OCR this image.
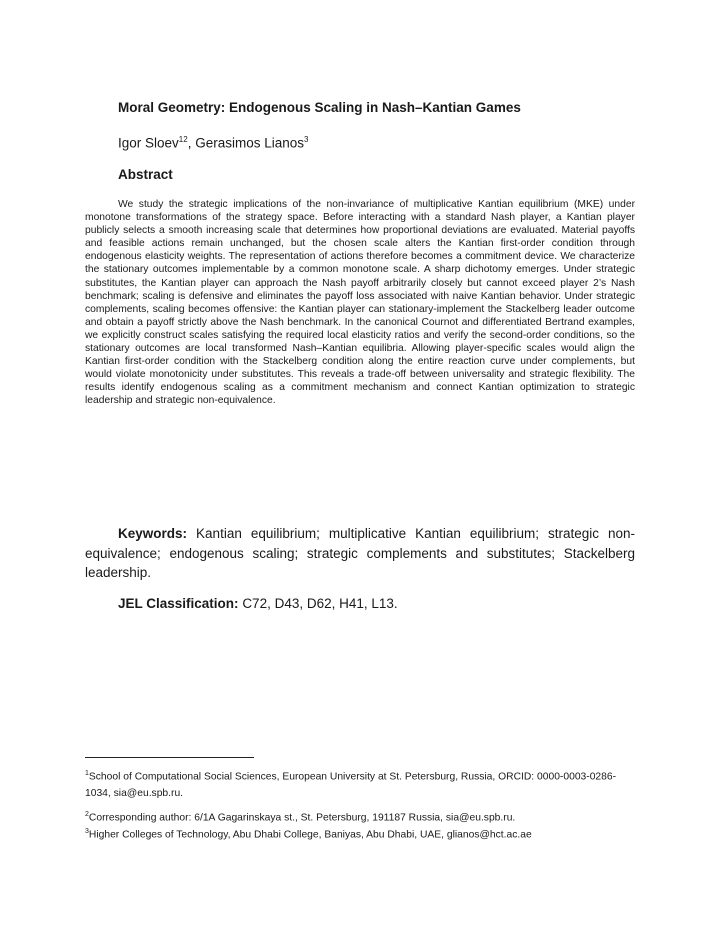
Moral Geometry: Endogenous Scaling in Nash–Kantian Games
Igor Sloev$^{12}$, Gerasimos Lianos$^3$
Abstract

We study the strategic implications of the non-invariance of multiplicative Kantian equilibrium (MKE) under monotone transformations of the strategy space. Before interacting with a standard Nash player, a Kantian player publicly selects a smooth increasing scale that determines how proportional deviations are evaluated. Material payoffs and feasible actions remain unchanged, but the chosen scale alters the Kantian first-order condition through endogenous elasticity weights. The representation of actions therefore becomes a commitment device. We characterize the stationary outcomes implementable by a common monotone scale. A sharp dichotomy emerges. Under strategic substitutes, the Kantian player can approach the Nash payoff arbitrarily closely but cannot exceed player 2’s Nash benchmark; scaling is defensive and eliminates the payoff loss associated with naive Kantian behavior. Under strategic complements, scaling becomes offensive: the Kantian player can stationary-implement the Stackelberg leader outcome and obtain a payoff strictly above the Nash benchmark. In the canonical Cournot and differentiated Bertrand examples, we explicitly construct scales satisfying the required local elasticity ratios and verify the second-order conditions, so the stationary outcomes are local transformed Nash–Kantian equilibria. Allowing player-specific scales would align the Kantian first-order condition with the Stackelberg condition along the entire reaction curve under complements, but would violate monotonicity under substitutes. This reveals a trade-off between universality and strategic flexibility. The results identify endogenous scaling as a commitment mechanism and connect Kantian optimization to strategic leadership and strategic non-equivalence.

Keywords: Kantian equilibrium; multiplicative Kantian equilibrium; strategic non-equivalence; endogenous scaling; strategic complements and substitutes; Stackelberg leadership.

JEL Classification: C72, D43, D62, H41, L13.

$^1$School of Computational Social Sciences, European University at St. Petersburg, Russia, ORCID: 0000-0003-0286-1034, sia@eu.spb.ru.

$^2$Corresponding author: 6/1A Gagarinskaya st., St. Petersburg, 191187 Russia, sia@eu.spb.ru.

$^3$Higher Colleges of Technology, Abu Dhabi College, Baniyas, Abu Dhabi, UAE, glianos@hct.ac.ae
